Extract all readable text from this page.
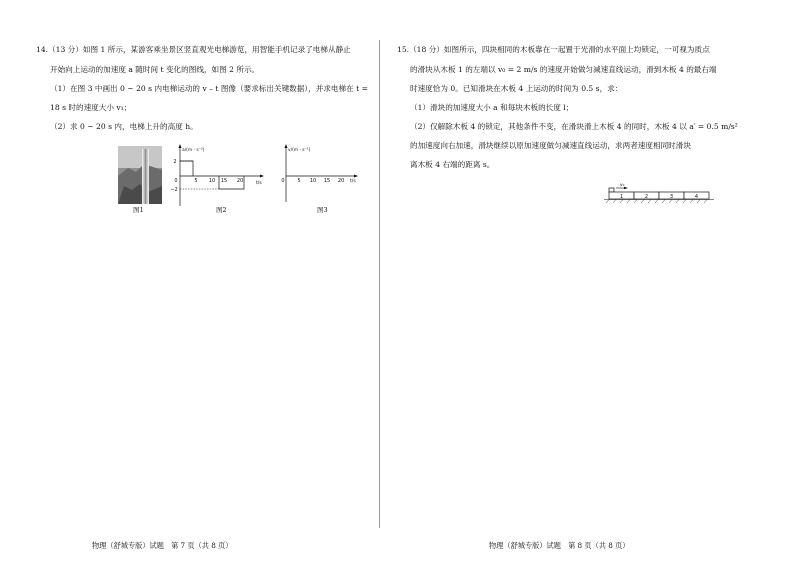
14.（13 分）如图 1 所示，某游客乘坐景区竖直观光电梯游览，用智能手机记录了电梯从静止
开始向上运动的加速度 a 随时间 t 变化的图线，如图 2 所示。
（1）在图 3 中画出 0 ~ 20 s 内电梯运动的 v – t 图像（要求标出关键数据），并求电梯在 t =
18 s 时的速度大小 v₁；
（2）求 0 ~ 20 s 内，电梯上升的高度 h。
图1
a/(m · s⁻²)
t/s
2
−2
0	5 10 15 20
图2
v/(m · s⁻¹)
t/s
0	5 10 15 20
图3
物理（舒城专版）试题　第 7 页（共 8 页）
15.（18 分）如图所示，四块相同的木板靠在一起置于光滑的水平面上均锁定，一可视为质点
的滑块从木板 1 的左端以 v₀ = 2 m/s 的速度开始做匀减速直线运动，滑到木板 4 的最右端
时速度恰为 0。已知滑块在木板 4 上运动的时间为 0.5 s，求：
（1）滑块的加速度大小 a 和每块木板的长度 l；
（2）仅解除木板 4 的锁定，其他条件不变，在滑块滑上木板 4 的同时，木板 4 以 a′ = 0.5 m/s²
的加速度向右加速，滑块继续以原加速度做匀减速直线运动，求两者速度相同时滑块
离木板 4 右端的距离 s。
v₀
1	2	3	4
物理（舒城专版）试题　第 8 页（共 8 页）
